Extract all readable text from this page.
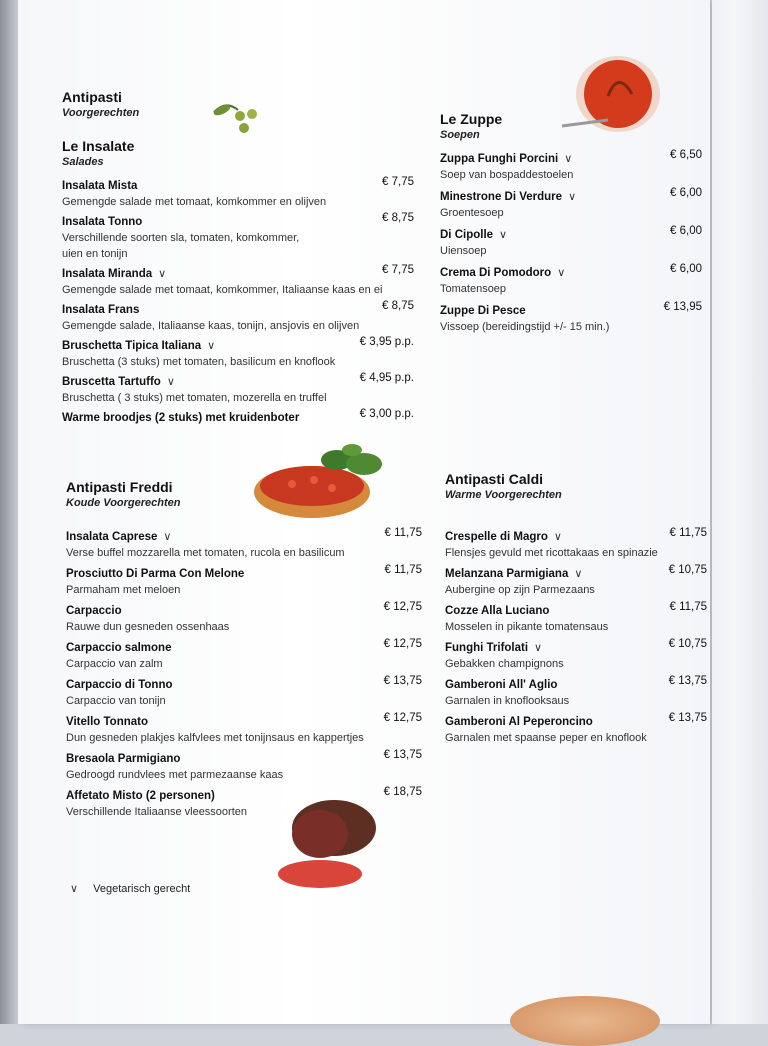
Antipasti

Voorgerechten

Le Insalate

Salades

€ 7,75
Insalata Mista
Gemengde salade met tomaat, komkommer en olijven
€ 8,75
Insalata Tonno
Verschillende soorten sla, tomaten, komkommer,
uien en tonijn
€ 7,75
Insalata Miranda ∨
Gemengde salade met tomaat, komkommer, Italiaanse kaas en ei
€ 8,75
Insalata Frans
Gemengde salade, Italiaanse kaas, tonijn, ansjovis en olijven
€ 3,95 p.p.
Bruschetta Tipica Italiana ∨
Bruschetta (3 stuks) met tomaten, basilicum en knoflook
€ 4,95 p.p.
Bruscetta Tartuffo ∨
Bruschetta ( 3 stuks) met tomaten, mozerella en truffel
€ 3,00 p.p.
Warme broodjes (2 stuks) met kruidenboter

Le Zuppe

Soepen

€ 6,50
Zuppa Funghi Porcini ∨
Soep van bospaddestoelen
€ 6,00
Minestrone Di Verdure ∨
Groentesoep
€ 6,00
Di Cipolle ∨
Uiensoep
€ 6,00
Crema Di Pomodoro ∨
Tomatensoep
€ 13,95
Zuppe Di Pesce
Vissoep (bereidingstijd +/- 15 min.)

Antipasti Freddi

Koude Voorgerechten

€ 11,75
Insalata Caprese ∨
Verse buffel mozzarella met tomaten, rucola en basilicum
€ 11,75
Prosciutto Di Parma Con Melone
Parmaham met meloen
€ 12,75
Carpaccio
Rauwe dun gesneden ossenhaas
€ 12,75
Carpaccio salmone
Carpaccio van zalm
€ 13,75
Carpaccio di Tonno
Carpaccio van tonijn
€ 12,75
Vitello Tonnato
Dun gesneden plakjes kalfvlees met tonijnsaus en kappertjes
€ 13,75
Bresaola Parmigiano
Gedroogd rundvlees met parmezaanse kaas
€ 18,75
Affetato Misto (2 personen)
Verschillende Italiaanse vleessoorten

Antipasti Caldi

Warme Voorgerechten

€ 11,75
Crespelle di Magro ∨
Flensjes gevuld met ricottakaas en spinazie
€ 10,75
Melanzana Parmigiana ∨
Aubergine op zijn Parmezaans
€ 11,75
Cozze Alla Luciano
Mosselen in pikante tomatensaus
€ 10,75
Funghi Trifolati ∨
Gebakken champignons
€ 13,75
Gamberoni All' Aglio
Garnalen in knoflooksaus
€ 13,75
Gamberoni Al Peperoncino
Garnalen met spaanse peper en knoflook
∨ Vegetarisch gerecht
